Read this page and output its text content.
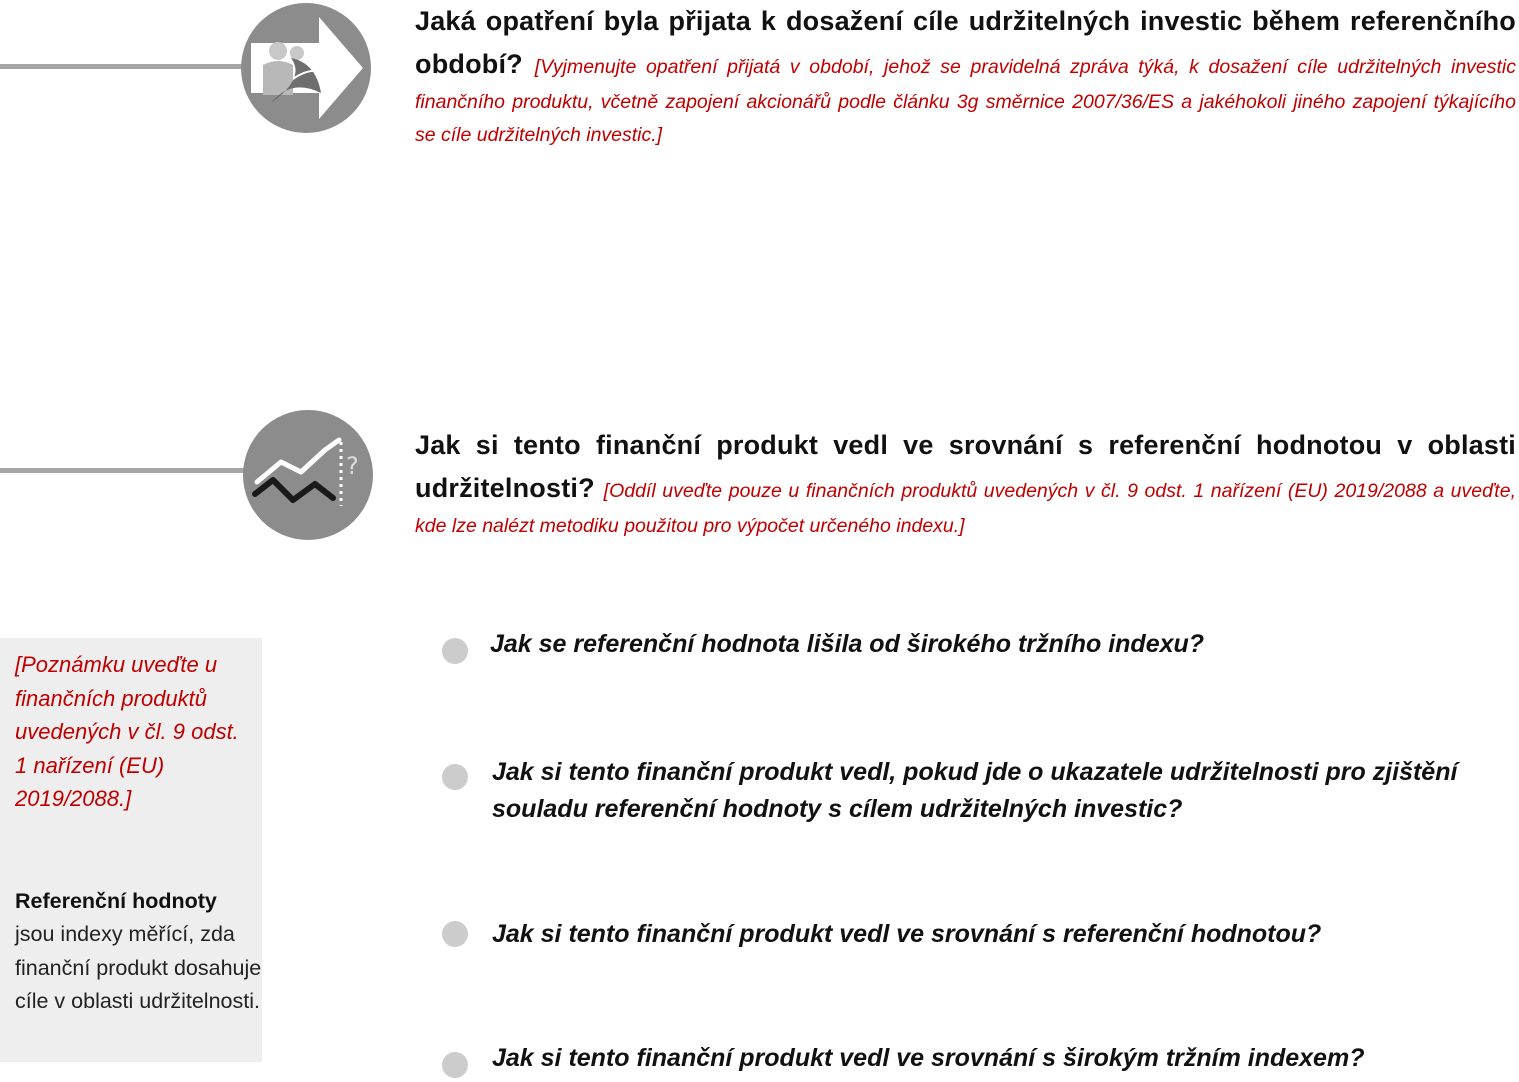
Jaká opatření byla přijata k dosažení cíle udržitelných investic během referenčního období? [Vyjmenujte opatření přijatá v období, jehož se pravidelná zpráva týká, k dosažení cíle udržitelných investic finančního produktu, včetně zapojení akcionářů podle článku 3g směrnice 2007/36/ES a jakéhokoli jiného zapojení týkajícího se cíle udržitelných investic.]
?
Jak si tento finanční produkt vedl ve srovnání s referenční hodnotou v oblasti udržitelnosti? [Oddíl uveďte pouze u finančních produktů uvedených v čl. 9 odst. 1 nařízení (EU) 2019/2088 a uveďte, kde lze nalézt metodiku použitou pro výpočet určeného indexu.]
[Poznámku uveďte u finančních produktů uvedených v čl. 9 odst. 1 nařízení (EU) 2019/2088.]
Referenční hodnoty
jsou indexy měřící, zda finanční produkt dosahuje cíle v oblasti udržitelnosti.
Jak se referenční hodnota lišila od širokého tržního indexu?
Jak si tento finanční produkt vedl, pokud jde o ukazatele udržitelnosti pro zjištění souladu referenční hodnoty s cílem udržitelných investic?
Jak si tento finanční produkt vedl ve srovnání s referenční hodnotou?
Jak si tento finanční produkt vedl ve srovnání s širokým tržním indexem?
